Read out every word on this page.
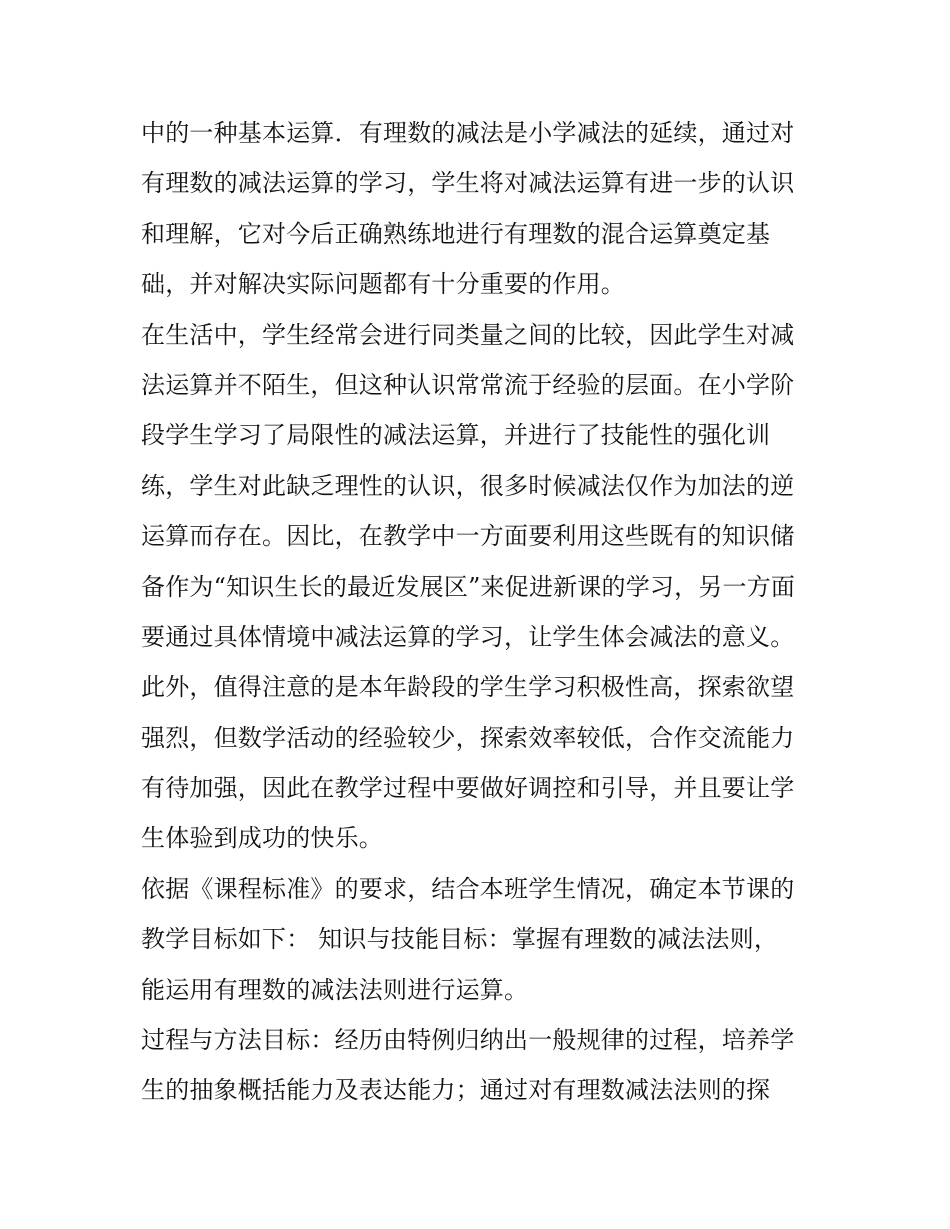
中的一种基本运算．有理数的减法是小学减法的延续，通过对
有理数的减法运算的学习，学生将对减法运算有进一步的认识
和理解，它对今后正确熟练地进行有理数的混合运算奠定基
础，并对解决实际问题都有十分重要的作用。
在生活中，学生经常会进行同类量之间的比较，因此学生对减
法运算并不陌生，但这种认识常常流于经验的层面。在小学阶
段学生学习了局限性的减法运算，并进行了技能性的强化训
练，学生对此缺乏理性的认识，很多时候减法仅作为加法的逆
运算而存在。因比，在教学中一方面要利用这些既有的知识储
备作为“知识生长的最近发展区”来促进新课的学习，另一方面
要通过具体情境中减法运算的学习，让学生体会减法的意义。
此外，值得注意的是本年龄段的学生学习积极性高，探索欲望
强烈，但数学活动的经验较少，探索效率较低，合作交流能力
有待加强，因此在教学过程中要做好调控和引导，并且要让学
生体验到成功的快乐。
依据《课程标准》的要求，结合本班学生情况，确定本节课的
教学目标如下： 知识与技能目标：掌握有理数的减法法则，
能运用有理数的减法法则进行运算。
过程与方法目标：经历由特例归纳出一般规律的过程，培养学
生的抽象概括能力及表达能力；通过对有理数减法法则的探
